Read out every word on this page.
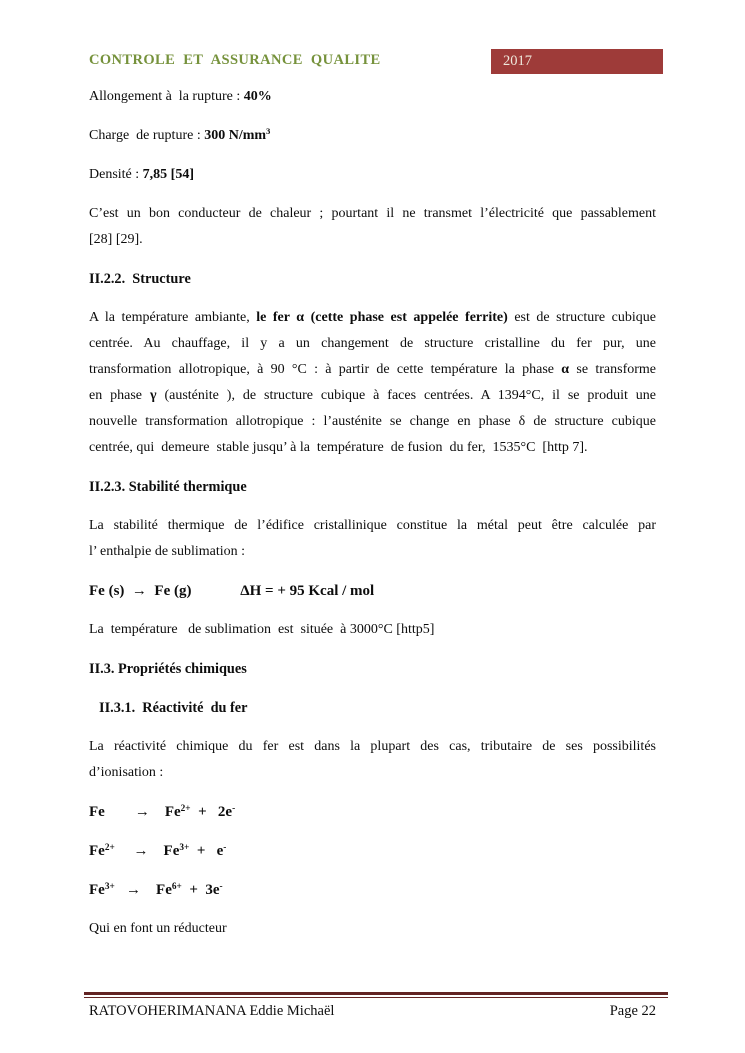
CONTROLE  ET  ASSURANCE  QUALITE	2017
Allongement à  la rupture : 40%
Charge  de rupture : 300 $N/mm^3$
Densité : 7,85 [54]
C’est un bon conducteur de chaleur ; pourtant il ne transmet l’électricité que passablement
[28] [29].
II.2.2.  Structure
A la température ambiante, le fer α (cette phase est appelée ferrite) est de structure cubique
centrée. Au chauffage, il y a un changement de structure cristalline du fer pur, une
transformation allotropique, à 90 °C : à partir de cette température la phase α se transforme
en phase γ (austénite ), de structure cubique à faces centrées. A 1394°C, il se produit une
nouvelle transformation allotropique : l’austénite se change en phase δ de structure cubique
centrée, qui  demeure  stable jusqu’ à la  température  de fusion  du fer,  1535°C  [http 7].
II.2.3. Stabilité thermique
La stabilité thermique de l’édifice cristallinique constitue la métal peut être calculée par
l’ enthalpie de sublimation :
Fe (s)  →  Fe (g)             ΔH = + 95 Kcal / mol
La  température   de sublimation  est  située  à 3000°C [http5]
II.3. Propriétés chimiques
II.3.1.  Réactivité  du fer
La réactivité chimique du fer est dans la plupart des cas, tributaire de ses possibilités
d’ionisation :
Fe        →    $Fe^{2+} + 2e^-$
$Fe^{2+}$ →    $Fe^{3+} + e^-$
$Fe^{3+}$ →    $Fe^{6+} + 3e^-$
Qui en font un réducteur
RATOVOHERIMANANA Eddie Michaël	Page 22
